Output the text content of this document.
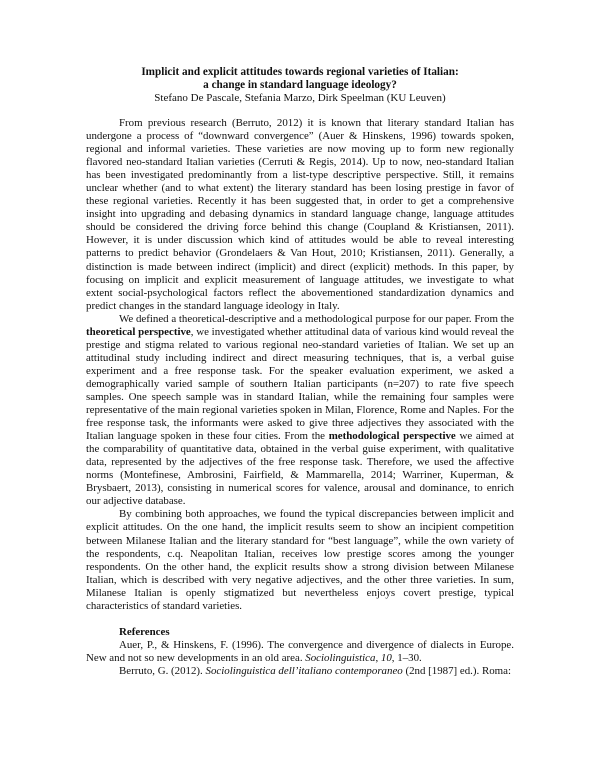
Implicit and explicit attitudes towards regional varieties of Italian:
a change in standard language ideology?
Stefano De Pascale, Stefania Marzo, Dirk Speelman (KU Leuven)

From previous research (Berruto, 2012) it is known that literary standard Italian has undergone a process of “downward convergence” (Auer & Hinskens, 1996) towards spoken, regional and informal varieties. These varieties are now moving up to form new regionally flavored neo-standard Italian varieties (Cerruti & Regis, 2014). Up to now, neo-standard Italian has been investigated predominantly from a list-type descriptive perspective. Still, it remains unclear whether (and to what extent) the literary standard has been losing prestige in favor of these regional varieties. Recently it has been suggested that, in order to get a comprehensive insight into upgrading and debasing dynamics in standard language change, language attitudes should be considered the driving force behind this change (Coupland & Kristiansen, 2011). However, it is under discussion which kind of attitudes would be able to reveal interesting patterns to predict behavior (Grondelaers & Van Hout, 2010; Kristiansen, 2011). Generally, a distinction is made between indirect (implicit) and direct (explicit) methods. In this paper, by focusing on implicit and explicit measurement of language attitudes, we investigate to what extent social-psychological factors reflect the abovementioned standardization dynamics and predict changes in the standard language ideology in Italy.

We defined a theoretical-descriptive and a methodological purpose for our paper. From the theoretical perspective, we investigated whether attitudinal data of various kind would reveal the prestige and stigma related to various regional neo-standard varieties of Italian. We set up an attitudinal study including indirect and direct measuring techniques, that is, a verbal guise experiment and a free response task. For the speaker evaluation experiment, we asked a demographically varied sample of southern Italian participants (n=207) to rate five speech samples. One speech sample was in standard Italian, while the remaining four samples were representative of the main regional varieties spoken in Milan, Florence, Rome and Naples. For the free response task, the informants were asked to give three adjectives they associated with the Italian language spoken in these four cities. From the methodological perspective we aimed at the comparability of quantitative data, obtained in the verbal guise experiment, with qualitative data, represented by the adjectives of the free response task. Therefore, we used the affective norms (Montefinese, Ambrosini, Fairfield, & Mammarella, 2014; Warriner, Kuperman, & Brysbaert, 2013), consisting in numerical scores for valence, arousal and dominance, to enrich our adjective database.

By combining both approaches, we found the typical discrepancies between implicit and explicit attitudes. On the one hand, the implicit results seem to show an incipient competition between Milanese Italian and the literary standard for “best language”, while the own variety of the respondents, c.q. Neapolitan Italian, receives low prestige scores among the younger respondents. On the other hand, the explicit results show a strong division between Milanese Italian, which is described with very negative adjectives, and the other three varieties. In sum, Milanese Italian is openly stigmatized but nevertheless enjoys covert prestige, typical characteristics of standard varieties.

References

Auer, P., & Hinskens, F. (1996). The convergence and divergence of dialects in Europe. New and not so new developments in an old area. Sociolinguistica, 10, 1–30.

Berruto, G. (2012). Sociolinguistica dell’italiano contemporaneo (2nd [1987] ed.). Roma:
